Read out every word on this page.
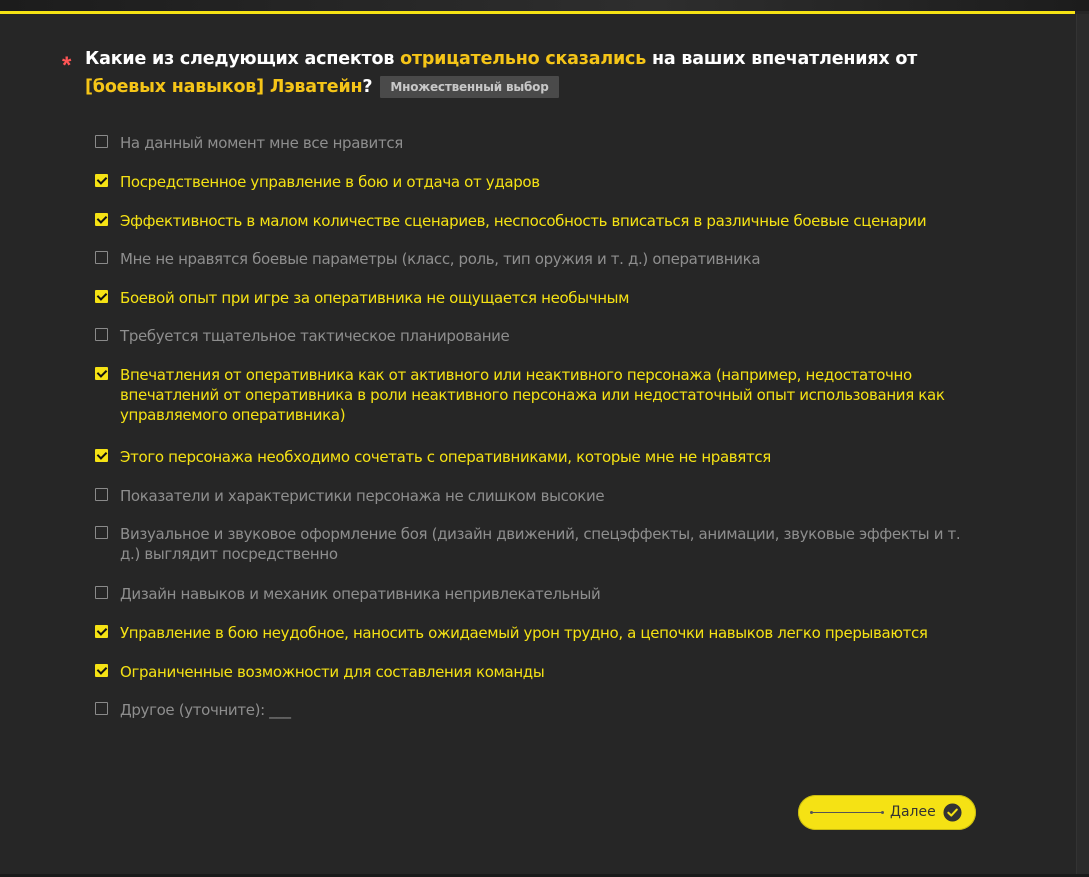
* Какие из следующих аспектов отрицательно сказались на ваших впечатлениях от [боевых навыков] Лэватейн? Множественный выбор
На данный момент мне все нравится
Посредственное управление в бою и отдача от ударов
Эффективность в малом количестве сценариев, неспособность вписаться в различные боевые сценарии
Мне не нравятся боевые параметры (класс, роль, тип оружия и т. д.) оперативника
Боевой опыт при игре за оперативника не ощущается необычным
Требуется тщательное тактическое планирование
Впечатления от оперативника как от активного или неактивного персонажа (например, недостаточно впечатлений от оперативника в роли неактивного персонажа или недостаточный опыт использования как управляемого оперативника)
Этого персонажа необходимо сочетать с оперативниками, которые мне не нравятся
Показатели и характеристики персонажа не слишком высокие
Визуальное и звуковое оформление боя (дизайн движений, спецэффекты, анимации, звуковые эффекты и т. д.) выглядит посредственно
Дизайн навыков и механик оперативника непривлекательный
Управление в бою неудобное, наносить ожидаемый урон трудно, а цепочки навыков легко прерываются
Ограниченные возможности для составления команды
Другое (уточните): ___
Далее
